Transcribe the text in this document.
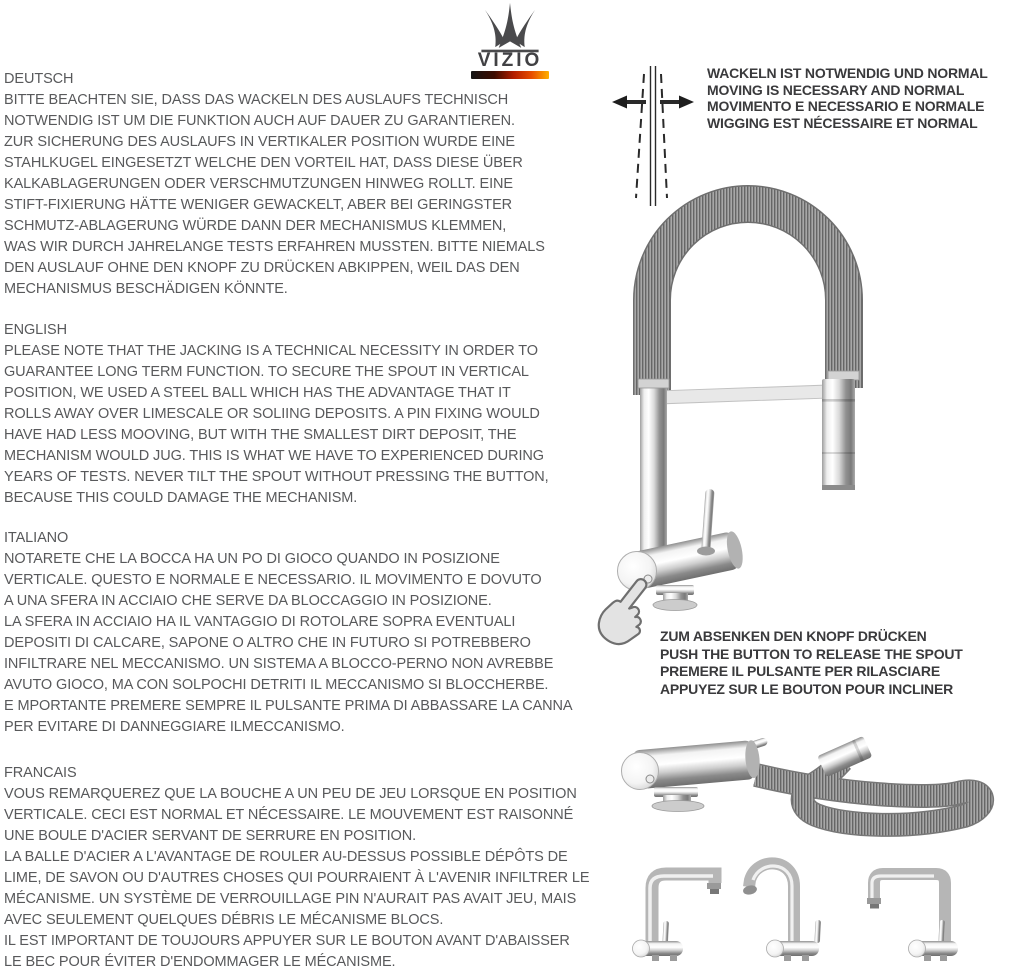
VIZIO
DEUTSCH
BITTE BEACHTEN SIE, DASS DAS WACKELN DES AUSLAUFS TECHNISCH
NOTWENDIG IST UM DIE FUNKTION AUCH AUF DAUER ZU GARANTIEREN.
ZUR SICHERUNG DES AUSLAUFS IN VERTIKALER POSITION WURDE EINE
STAHLKUGEL EINGESETZT WELCHE DEN VORTEIL HAT, DASS DIESE ÜBER
KALKABLAGERUNGEN ODER VERSCHMUTZUNGEN HINWEG ROLLT. EINE
STIFT-FIXIERUNG HÄTTE WENIGER GEWACKELT, ABER BEI GERINGSTER
SCHMUTZ-ABLAGERUNG WÜRDE DANN DER MECHANISMUS KLEMMEN,
WAS WIR DURCH JAHRELANGE TESTS ERFAHREN MUSSTEN. BITTE NIEMALS
DEN AUSLAUF OHNE DEN KNOPF ZU DRÜCKEN ABKIPPEN, WEIL DAS DEN
MECHANISMUS BESCHÄDIGEN KÖNNTE.
ENGLISH
PLEASE NOTE THAT THE JACKING IS A TECHNICAL NECESSITY IN ORDER TO
GUARANTEE LONG TERM FUNCTION. TO SECURE THE SPOUT IN VERTICAL
POSITION, WE USED A STEEL BALL WHICH HAS THE ADVANTAGE THAT IT
ROLLS AWAY OVER LIMESCALE OR SOLIING DEPOSITS. A PIN FIXING WOULD
HAVE HAD LESS MOOVING, BUT WITH THE SMALLEST DIRT DEPOSIT, THE
MECHANISM WOULD JUG. THIS IS WHAT WE HAVE TO EXPERIENCED DURING
YEARS OF TESTS. NEVER TILT THE SPOUT WITHOUT PRESSING THE BUTTON,
BECAUSE THIS COULD DAMAGE THE MECHANISM.
ITALIANO
NOTARETE CHE LA BOCCA HA UN PO DI GIOCO QUANDO IN POSIZIONE
VERTICALE. QUESTO E NORMALE E NECESSARIO. IL MOVIMENTO E DOVUTO
A UNA SFERA IN ACCIAIO CHE SERVE DA BLOCCAGGIO IN POSIZIONE.
LA SFERA IN ACCIAIO HA IL VANTAGGIO DI ROTOLARE SOPRA EVENTUALI
DEPOSITI DI CALCARE, SAPONE O ALTRO CHE IN FUTURO SI POTREBBERO
INFILTRARE NEL MECCANISMO. UN SISTEMA A BLOCCO-PERNO NON AVREBBE
AVUTO GIOCO, MA CON SOLPOCHI DETRITI IL MECCANISMO SI BLOCCHERBE.
E MPORTANTE PREMERE SEMPRE IL PULSANTE PRIMA DI ABBASSARE LA CANNA
PER EVITARE DI DANNEGGIARE ILMECCANISMO.
FRANCAIS
VOUS REMARQUEREZ QUE LA BOUCHE A UN PEU DE JEU LORSQUE EN POSITION
VERTICALE. CECI EST NORMAL ET NÉCESSAIRE. LE MOUVEMENT EST RAISONNÉ
UNE BOULE D'ACIER SERVANT DE SERRURE EN POSITION.
LA BALLE D'ACIER A L'AVANTAGE DE ROULER AU-DESSUS POSSIBLE DÉPÔTS DE
LIME, DE SAVON OU D'AUTRES CHOSES QUI POURRAIENT À L'AVENIR INFILTRER LE
MÉCANISME. UN SYSTÈME DE VERROUILLAGE PIN N'AURAIT PAS AVAIT JEU, MAIS
AVEC SEULEMENT QUELQUES DÉBRIS LE MÉCANISME BLOCS.
IL EST IMPORTANT DE TOUJOURS APPUYER SUR LE BOUTON AVANT D'ABAISSER
LE BEC POUR ÉVITER D'ENDOMMAGER LE MÉCANISME.
WACKELN IST NOTWENDIG UND NORMAL
MOVING IS NECESSARY AND NORMAL
MOVIMENTO E NECESSARIO E NORMALE
WIGGING EST NÉCESSAIRE ET NORMAL
ZUM ABSENKEN DEN KNOPF DRÜCKEN
PUSH THE BUTTON TO RELEASE THE SPOUT
PREMERE IL PULSANTE PER RILASCIARE
APPUYEZ SUR LE BOUTON POUR INCLINER
